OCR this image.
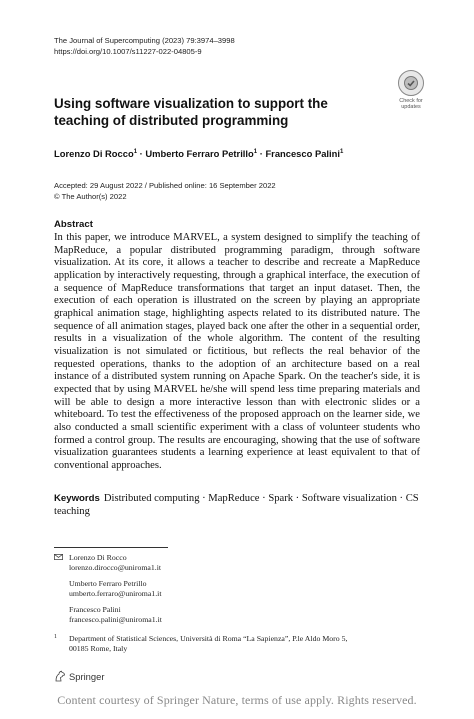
The Journal of Supercomputing (2023) 79:3974–3998
https://doi.org/10.1007/s11227-022-04805-9
Check for
updates
Using software visualization to support the teaching of distributed programming
Lorenzo Di Rocco$^1$ · Umberto Ferraro Petrillo$^1$ · Francesco Palini$^1$
Accepted: 29 August 2022 / Published online: 16 September 2022
© The Author(s) 2022
Abstract
In this paper, we introduce MARVEL, a system designed to simplify the teaching of MapReduce, a popular distributed programming paradigm, through software visualization. At its core, it allows a teacher to describe and recreate a MapReduce application by interactively requesting, through a graphical interface, the execution of a sequence of MapReduce transformations that target an input dataset. Then, the execution of each operation is illustrated on the screen by playing an appropriate graphical animation stage, highlighting aspects related to its distributed nature. The sequence of all animation stages, played back one after the other in a sequential order, results in a visualization of the whole algorithm. The content of the resulting visualization is not simulated or fictitious, but reflects the real behavior of the requested operations, thanks to the adoption of an architecture based on a real instance of a distributed system running on Apache Spark. On the teacher's side, it is expected that by using MARVEL he/she will spend less time preparing materials and will be able to design a more interactive lesson than with electronic slides or a whiteboard. To test the effectiveness of the proposed approach on the learner side, we also conducted a small scientific experiment with a class of volunteer students who formed a control group. The results are encouraging, showing that the use of software visualization guarantees students a learning experience at least equivalent to that of conventional approaches.
Keywords Distributed computing · MapReduce · Spark · Software visualization · CS teaching
Lorenzo Di Rocco
lorenzo.dirocco@uniroma1.it
Umberto Ferraro Petrillo
umberto.ferraro@uniroma1.it
Francesco Palini
francesco.palini@uniroma1.it
1 Department of Statistical Sciences, Università di Roma “La Sapienza”, P.le Aldo Moro 5,
00185 Rome, Italy
Springer
Content courtesy of Springer Nature, terms of use apply. Rights reserved.
